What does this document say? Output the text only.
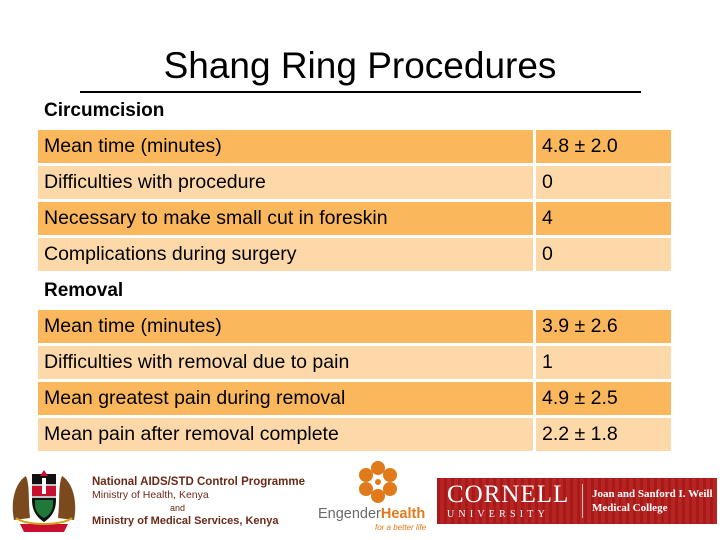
Shang Ring Procedures
Circumcision
Mean time (minutes)	4.8 ± 2.0
Difficulties with procedure	0
Necessary to make small cut in foreskin	4
Complications during surgery	0
Removal
Mean time (minutes)	3.9 ± 2.6
Difficulties with removal due to pain	1
Mean greatest pain during removal	4.9 ± 2.5
Mean pain after removal complete	2.2 ± 1.8
National AIDS/STD Control Programme
Ministry of Health, Kenya
and
Ministry of Medical Services, Kenya	EngenderHealth
for a better life
CORNELL
UNIVERSITY
Joan and Sanford I. Weill
Medical College
